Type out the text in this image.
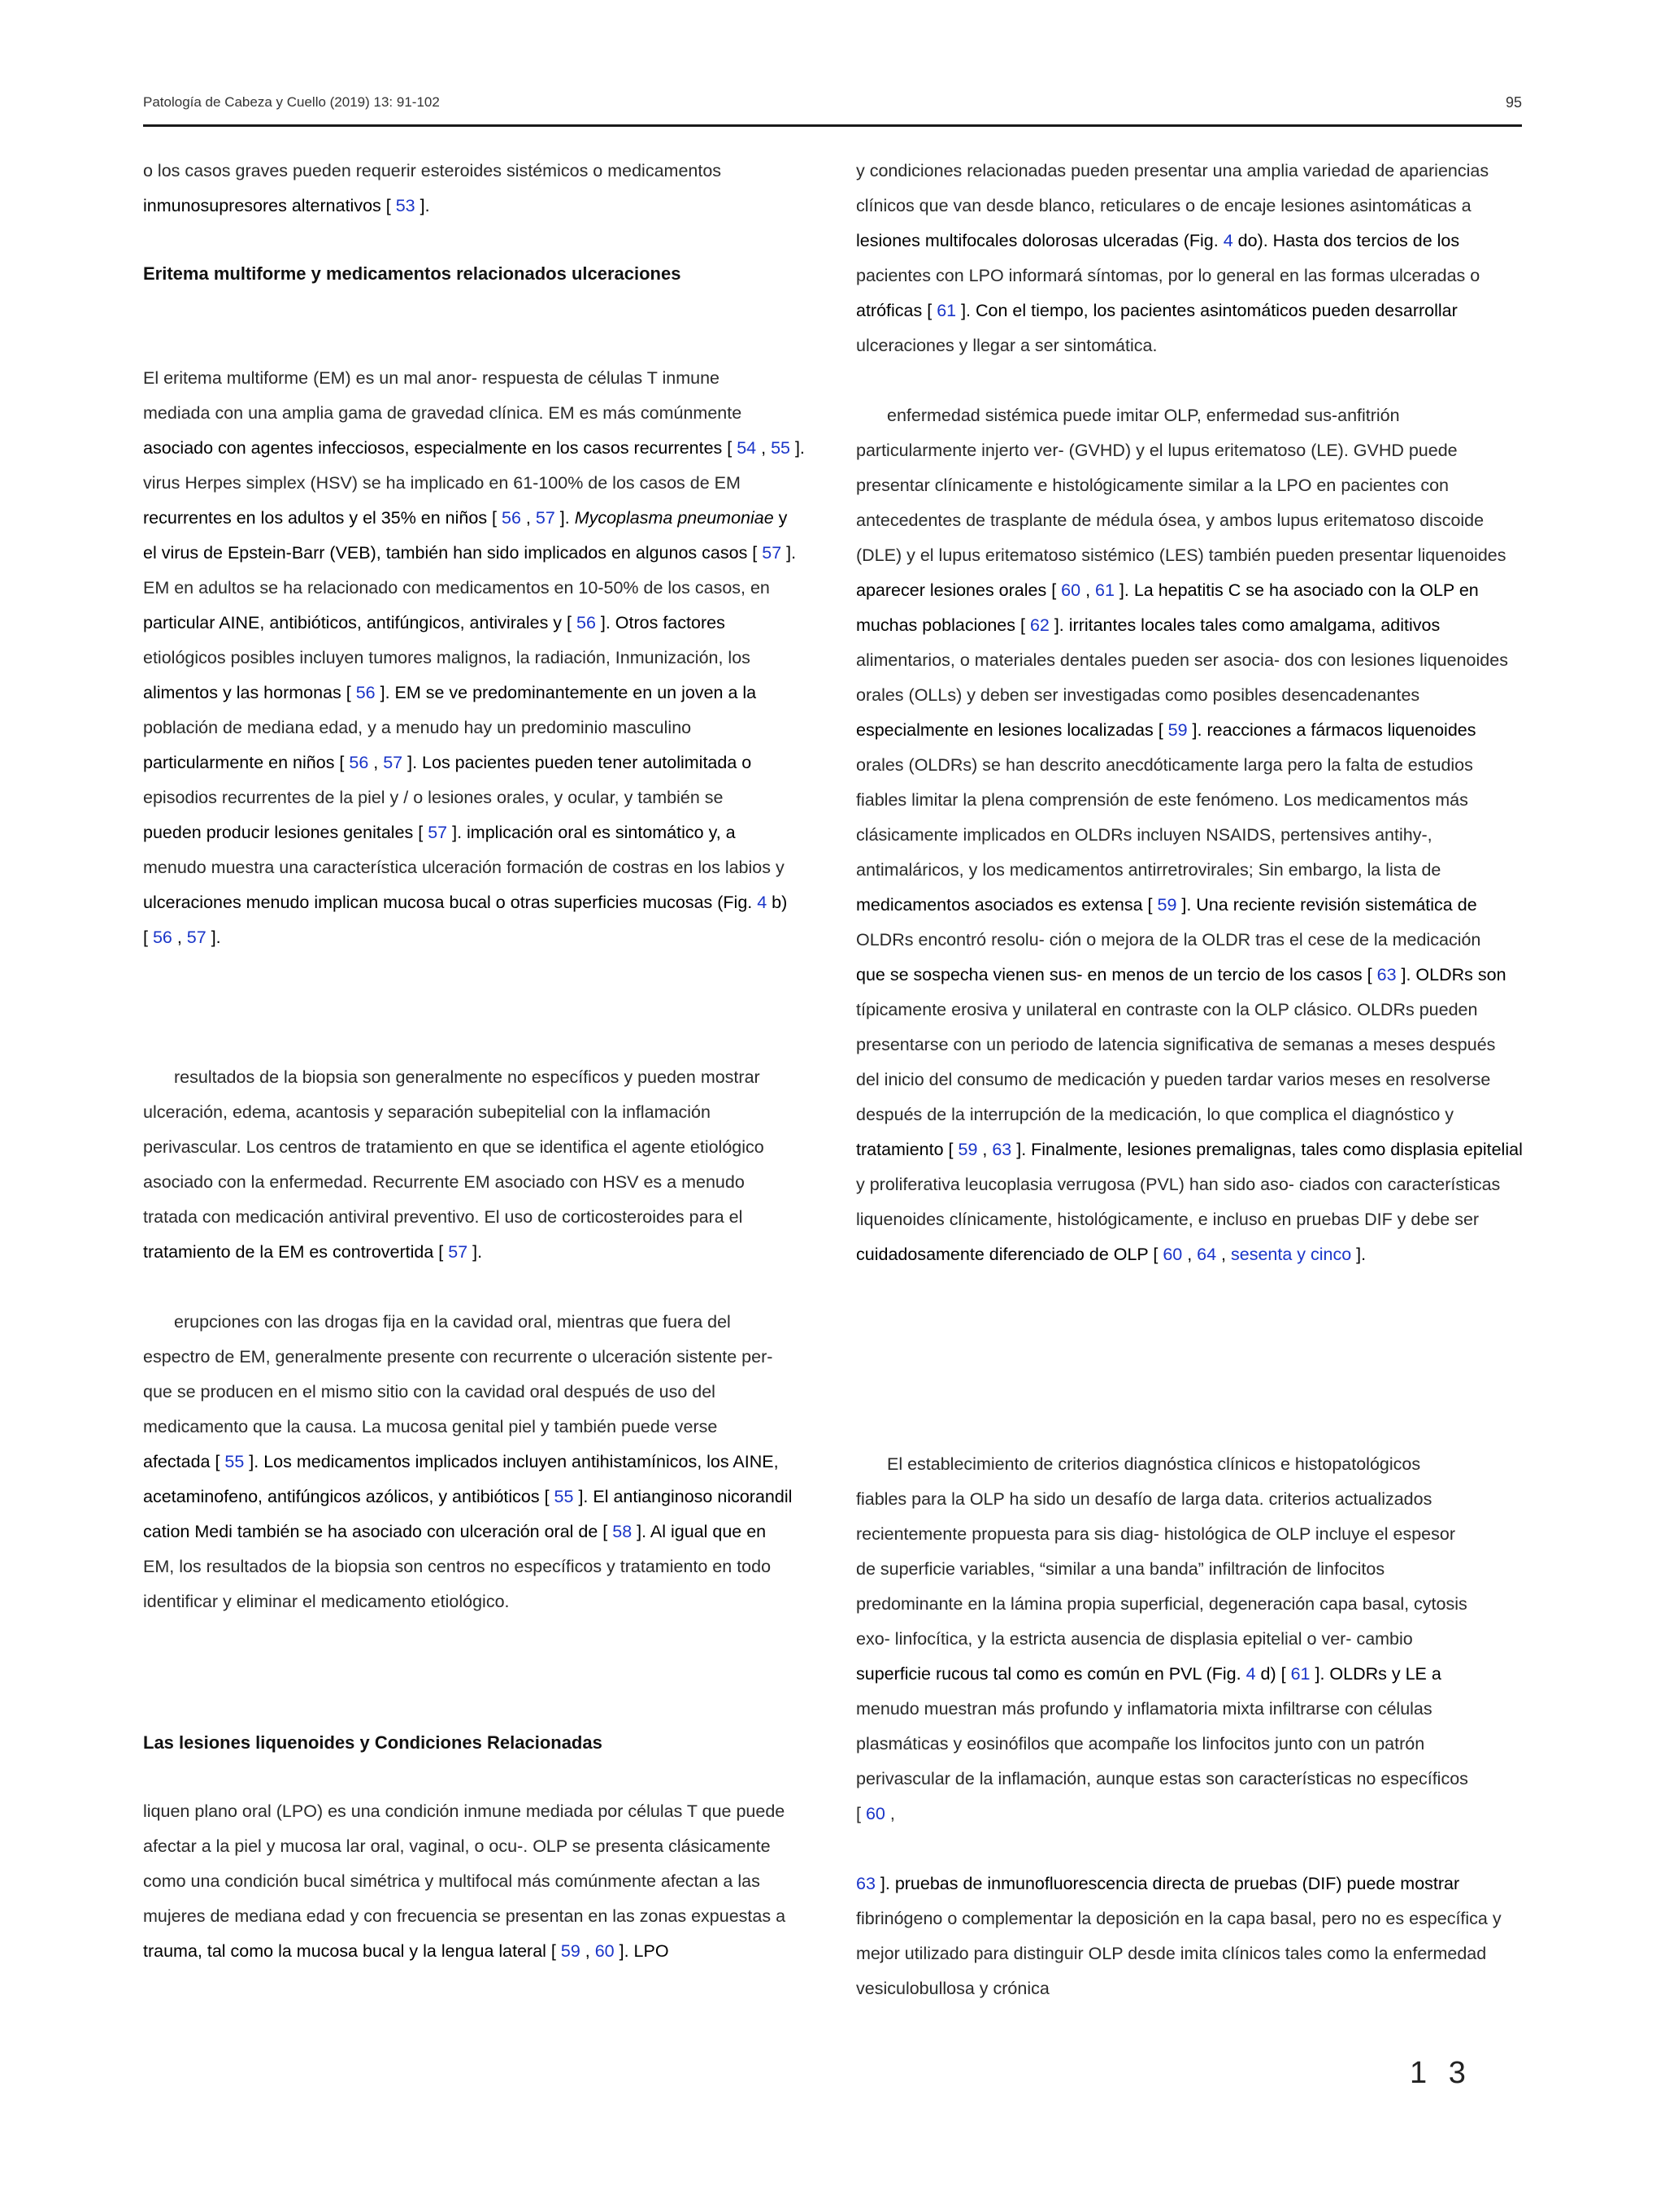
Patología de Cabeza y Cuello (2019) 13: 91-102	95
o los casos graves pueden requerir esteroides sistémicos o medicamentos
inmunosupresores alternativos [ 53 ].
Eritema multiforme y medicamentos relacionados ulceraciones
El eritema multiforme (EM) es un mal anor- respuesta de células T inmune
mediada con una amplia gama de gravedad clínica. EM es más comúnmente
asociado con agentes infecciosos, especialmente en los casos recurrentes [ 54 , 55 ].
virus Herpes simplex (HSV) se ha implicado en 61-100% de los casos de EM
recurrentes en los adultos y el 35% en niños [ 56 , 57 ]. Mycoplasma pneumoniae y
el virus de Epstein-Barr (VEB), también han sido implicados en algunos casos [ 57 ].
EM en adultos se ha relacionado con medicamentos en 10-50% de los casos, en
particular AINE, antibióticos, antifúngicos, antivirales y [ 56 ]. Otros factores
etiológicos posibles incluyen tumores malignos, la radiación, Inmunización, los
alimentos y las hormonas [ 56 ]. EM se ve predominantemente en un joven a la
población de mediana edad, y a menudo hay un predominio masculino
particularmente en niños [ 56 , 57 ]. Los pacientes pueden tener autolimitada o
episodios recurrentes de la piel y / o lesiones orales, y ocular, y también se
pueden producir lesiones genitales [ 57 ]. implicación oral es sintomático y, a
menudo muestra una característica ulceración formación de costras en los labios y
ulceraciones menudo implican mucosa bucal o otras superficies mucosas (Fig. 4 b)
[ 56 , 57 ].
resultados de la biopsia son generalmente no específicos y pueden mostrar
ulceración, edema, acantosis y separación subepitelial con la inflamación
perivascular. Los centros de tratamiento en que se identifica el agente etiológico
asociado con la enfermedad. Recurrente EM asociado con HSV es a menudo
tratada con medicación antiviral preventivo. El uso de corticosteroides para el
tratamiento de la EM es controvertida [ 57 ].
erupciones con las drogas fija en la cavidad oral, mientras que fuera del
espectro de EM, generalmente presente con recurrente o ulceración sistente per-
que se producen en el mismo sitio con la cavidad oral después de uso del
medicamento que la causa. La mucosa genital piel y también puede verse
afectada [ 55 ]. Los medicamentos implicados incluyen antihistamínicos, los AINE,
acetaminofeno, antifúngicos azólicos, y antibióticos [ 55 ]. El antianginoso nicorandil
cation Medi también se ha asociado con ulceración oral de [ 58 ]. Al igual que en
EM, los resultados de la biopsia son centros no específicos y tratamiento en todo
identificar y eliminar el medicamento etiológico.
Las lesiones liquenoides y Condiciones Relacionadas
liquen plano oral (LPO) es una condición inmune mediada por células T que puede
afectar a la piel y mucosa lar oral, vaginal, o ocu-. OLP se presenta clásicamente
como una condición bucal simétrica y multifocal más comúnmente afectan a las
mujeres de mediana edad y con frecuencia se presentan en las zonas expuestas a
trauma, tal como la mucosa bucal y la lengua lateral [ 59 , 60 ]. LPO
y condiciones relacionadas pueden presentar una amplia variedad de apariencias
clínicos que van desde blanco, reticulares o de encaje lesiones asintomáticas a
lesiones multifocales dolorosas ulceradas (Fig. 4 do). Hasta dos tercios de los
pacientes con LPO informará síntomas, por lo general en las formas ulceradas o
atróficas [ 61 ]. Con el tiempo, los pacientes asintomáticos pueden desarrollar
ulceraciones y llegar a ser sintomática.
enfermedad sistémica puede imitar OLP, enfermedad sus-anfitrión
particularmente injerto ver- (GVHD) y el lupus eritematoso (LE). GVHD puede
presentar clínicamente e histológicamente similar a la LPO en pacientes con
antecedentes de trasplante de médula ósea, y ambos lupus eritematoso discoide
(DLE) y el lupus eritematoso sistémico (LES) también pueden presentar liquenoides
aparecer lesiones orales [ 60 , 61 ]. La hepatitis C se ha asociado con la OLP en
muchas poblaciones [ 62 ]. irritantes locales tales como amalgama, aditivos
alimentarios, o materiales dentales pueden ser asocia- dos con lesiones liquenoides
orales (OLLs) y deben ser investigadas como posibles desencadenantes
especialmente en lesiones localizadas [ 59 ]. reacciones a fármacos liquenoides
orales (OLDRs) se han descrito anecdóticamente larga pero la falta de estudios
fiables limitar la plena comprensión de este fenómeno. Los medicamentos más
clásicamente implicados en OLDRs incluyen NSAIDS, pertensives antihy-,
antimaláricos, y los medicamentos antirretrovirales; Sin embargo, la lista de
medicamentos asociados es extensa [ 59 ]. Una reciente revisión sistemática de
OLDRs encontró resolu- ción o mejora de la OLDR tras el cese de la medicación
que se sospecha vienen sus- en menos de un tercio de los casos [ 63 ]. OLDRs son
típicamente erosiva y unilateral en contraste con la OLP clásico. OLDRs pueden
presentarse con un periodo de latencia significativa de semanas a meses después
del inicio del consumo de medicación y pueden tardar varios meses en resolverse
después de la interrupción de la medicación, lo que complica el diagnóstico y
tratamiento [ 59 , 63 ]. Finalmente, lesiones premalignas, tales como displasia epitelial
y proliferativa leucoplasia verrugosa (PVL) han sido aso- ciados con características
liquenoides clínicamente, histológicamente, e incluso en pruebas DIF y debe ser
cuidadosamente diferenciado de OLP [ 60 , 64 , sesenta y cinco ].
El establecimiento de criterios diagnóstica clínicos e histopatológicos
fiables para la OLP ha sido un desafío de larga data. criterios actualizados
recientemente propuesta para sis diag- histológica de OLP incluye el espesor
de superficie variables, “similar a una banda” infiltración de linfocitos
predominante en la lámina propia superficial, degeneración capa basal, cytosis
exo- linfocítica, y la estricta ausencia de displasia epitelial o ver- cambio
superficie rucous tal como es común en PVL (Fig. 4 d) [ 61 ]. OLDRs y LE a
menudo muestran más profundo y inflamatoria mixta infiltrarse con células
plasmáticas y eosinófilos que acompañe los linfocitos junto con un patrón
perivascular de la inflamación, aunque estas son características no específicos
[ 60 ,
63 ]. pruebas de inmunofluorescencia directa de pruebas (DIF) puede mostrar
fibrinógeno o complementar la deposición en la capa basal, pero no es específica y
mejor utilizado para distinguir OLP desde imita clínicos tales como la enfermedad
vesiculobullosa y crónica
1 3
